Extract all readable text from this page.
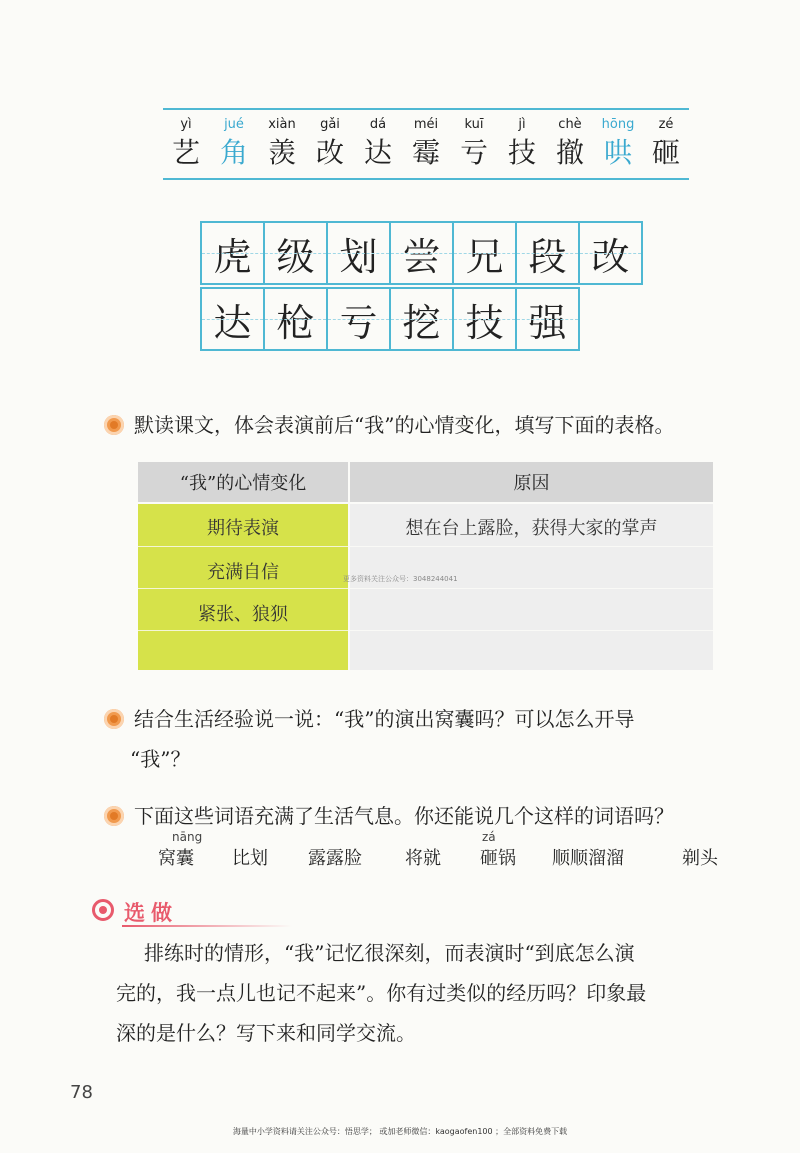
yì
艺
jué
角
xiàn
羡
gǎi
改
dá
达
méi
霉
kuī
亏
jì
技
chè
撤
hōng
哄
zé
砸
虎 级 划 尝 兄 段 改
达 枪 亏 挖 技 强
默读课文，体会表演前后“我”的心情变化，填写下面的表格。
“我”的心情变化	原因
期待表演	想在台上露脸，获得大家的掌声
充满自信
紧张、狼狈
更多资料关注公众号：3048244041
结合生活经验说一说：“我”的演出窝囊吗？可以怎么开导
“我”？
下面这些词语充满了生活气息。你还能说几个这样的词语吗？
nāng
窝囊 比划 露露脸 将就
zá
砸锅 顺顺溜溜	剃头
选做
排练时的情形，“我”记忆很深刻，而表演时“到底怎么演
完的，我一点儿也记不起来”。你有过类似的经历吗？印象最
深的是什么？写下来和同学交流。
78
海量中小学资料请关注公众号：悟思学； 或加老师微信：kaogaofen100 ；全部资料免费下载
